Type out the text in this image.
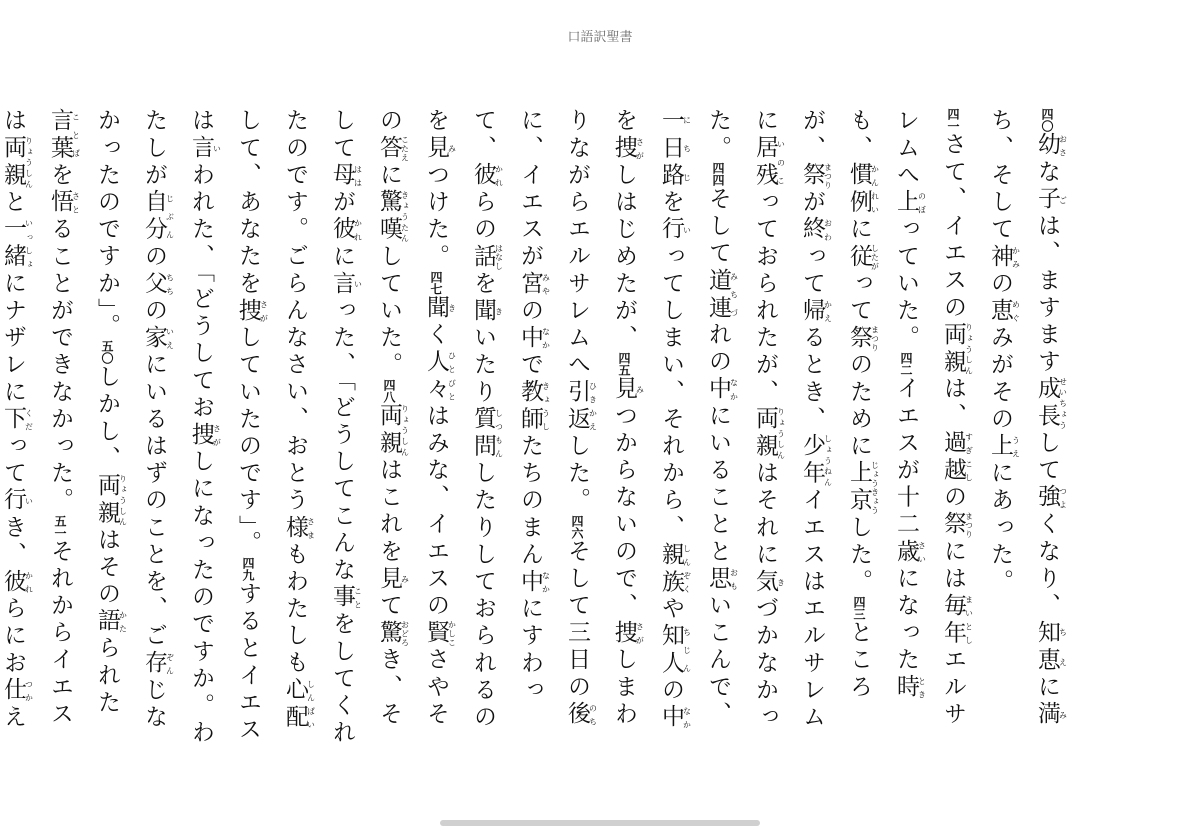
口語訳聖書
四〇幼おさな子ごは、ますます成長せいちょうして強つよくなり、知恵ちえに満みち、そして神かみの恵めぐみがその上うえにあった。
四一さて、イエスの両親りょうしんは、過越すぎこしの祭まつりには毎年まいとしエルサレムへ上のぼっていた。四二イエスが十二歳さいになった時ときも、慣例かんれいに従したがって祭まつりのために上京じょうきょうした。四三ところが、祭まつりが終おわって帰かえるとき、少年しょうねんイエスはエルサレムに居残いのこっておられたが、両親りょうしんはそれに気きづかなかった。四四そして道連みちづれの中なかにいることと思おもいこんで、一日路にちじを行いってしまい、それから、親族しんぞくや知人ちじんの中なかを捜さがしはじめたが、四五見みつからないので、捜さがしまわりながらエルサレムへ引返ひきかえした。四六そして三日の後のちに、イエスが宮みやの中なかで教師きょうしたちのまん中なかにすわって、彼かれらの話はなしを聞きいたり質問しつもんしたりしておられるのを見みつけた。四七聞きく人々ひとびとはみな、イエスの賢かしこさやその答こたえに驚嘆きょうたんしていた。四八両親りょうしんはこれを見みて驚おどろき、そして母ははが彼かれに言いった、「どうしてこんな事ことをしてくれたのです。ごらんなさい、おとう様さまもわたしも心配しんぱいして、あなたを捜さがしていたのです」。四九するとイエスは言いわれた、「どうしてお捜さがしになったのですか。わたしが自分じぶんの父ちちの家いえにいるはずのことを、ご存ぞんじなかったのですか」。五〇しかし、両親りょうしんはその語かたられた言葉ことばを悟さとることができなかった。五一それからイエスは両親りょうしんと一緒いっしょにナザレに下くだって行いき、彼かれらにお仕つかえ
